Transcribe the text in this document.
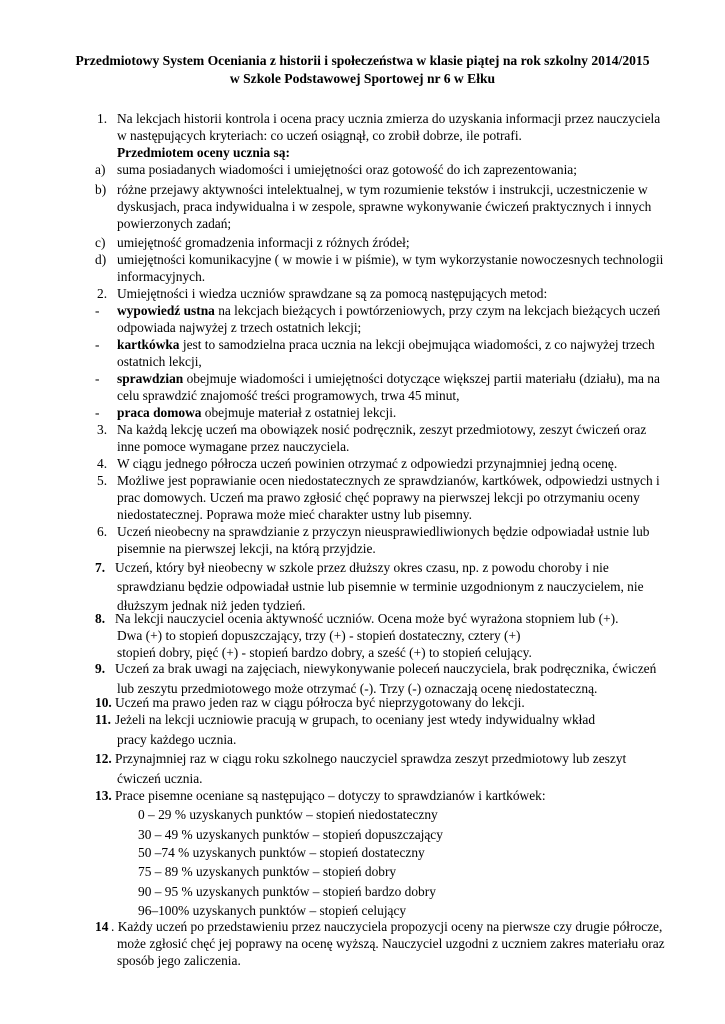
Przedmiotowy System Oceniania z historii i społeczeństwa w klasie piątej na rok szkolny 2014/2015
w Szkole Podstawowej Sportowej nr 6 w Ełku
1. Na lekcjach historii kontrola i ocena pracy ucznia zmierza do uzyskania informacji przez nauczyciela
w następujących kryteriach: co uczeń osiągnął, co zrobił dobrze, ile potrafi.
Przedmiotem oceny ucznia są:
a) suma posiadanych wiadomości i umiejętności oraz gotowość do ich zaprezentowania;
b) różne przejawy aktywności intelektualnej, w tym rozumienie tekstów i instrukcji, uczestniczenie w
dyskusjach, praca indywidualna i w zespole, sprawne wykonywanie ćwiczeń praktycznych i innych
powierzonych zadań;
c) umiejętność gromadzenia informacji z różnych źródeł;
d) umiejętności komunikacyjne ( w mowie i w piśmie), w tym wykorzystanie nowoczesnych technologii
informacyjnych.
2. Umiejętności i wiedza uczniów sprawdzane są za pomocą następujących metod:
- wypowiedź ustna na lekcjach bieżących i powtórzeniowych, przy czym na lekcjach bieżących uczeń
odpowiada najwyżej z trzech ostatnich lekcji;
- kartkówka jest to samodzielna praca ucznia na lekcji obejmująca wiadomości, z co najwyżej trzech
ostatnich lekcji,
- sprawdzian obejmuje wiadomości i umiejętności dotyczące większej partii materiału (działu), ma na
celu sprawdzić znajomość treści programowych, trwa 45 minut,
- praca domowa obejmuje materiał z ostatniej lekcji.
3. Na każdą lekcję uczeń ma obowiązek nosić podręcznik, zeszyt przedmiotowy, zeszyt ćwiczeń oraz
inne pomoce wymagane przez nauczyciela.
4. W ciągu jednego półrocza uczeń powinien otrzymać z odpowiedzi przynajmniej jedną ocenę.
5. Możliwe jest poprawianie ocen niedostatecznych ze sprawdzianów, kartkówek, odpowiedzi ustnych i
prac domowych. Uczeń ma prawo zgłosić chęć poprawy na pierwszej lekcji po otrzymaniu oceny
niedostatecznej. Poprawa może mieć charakter ustny lub pisemny.
6. Uczeń nieobecny na sprawdzianie z przyczyn nieusprawiedliwionych będzie odpowiadał ustnie lub
pisemnie na pierwszej lekcji, na którą przyjdzie.
7. Uczeń, który był nieobecny w szkole przez dłuższy okres czasu, np. z powodu choroby i nie
sprawdzianu będzie odpowiadał ustnie lub pisemnie w terminie uzgodnionym z nauczycielem, nie
dłuższym jednak niż jeden tydzień.
8. Na lekcji nauczyciel ocenia aktywność uczniów. Ocena może być wyrażona stopniem lub (+).
Dwa (+) to stopień dopuszczający, trzy (+) - stopień dostateczny, cztery (+)
stopień dobry, pięć (+) - stopień bardzo dobry, a sześć (+) to stopień celujący.
9. Uczeń za brak uwagi na zajęciach, niewykonywanie poleceń nauczyciela, brak podręcznika, ćwiczeń
lub zeszytu przedmiotowego może otrzymać (-). Trzy (-) oznaczają ocenę niedostateczną.
10. Uczeń ma prawo jeden raz w ciągu półrocza być nieprzygotowany do lekcji.
11. Jeżeli na lekcji uczniowie pracują w grupach, to oceniany jest wtedy indywidualny wkład
pracy każdego ucznia.
12. Przynajmniej raz w ciągu roku szkolnego nauczyciel sprawdza zeszyt przedmiotowy lub zeszyt
ćwiczeń ucznia.
13. Prace pisemne oceniane są następująco – dotyczy to sprawdzianów i kartkówek:
0 – 29 % uzyskanych punktów – stopień niedostateczny
30 – 49 % uzyskanych punktów – stopień dopuszczający
50 –74 % uzyskanych punktów – stopień dostateczny
75 – 89 % uzyskanych punktów – stopień dobry
90 – 95 % uzyskanych punktów – stopień bardzo dobry
96–100% uzyskanych punktów – stopień celujący
14 . Każdy uczeń po przedstawieniu przez nauczyciela propozycji oceny na pierwsze czy drugie półrocze,
może zgłosić chęć jej poprawy na ocenę wyższą. Nauczyciel uzgodni z uczniem zakres materiału oraz
sposób jego zaliczenia.
